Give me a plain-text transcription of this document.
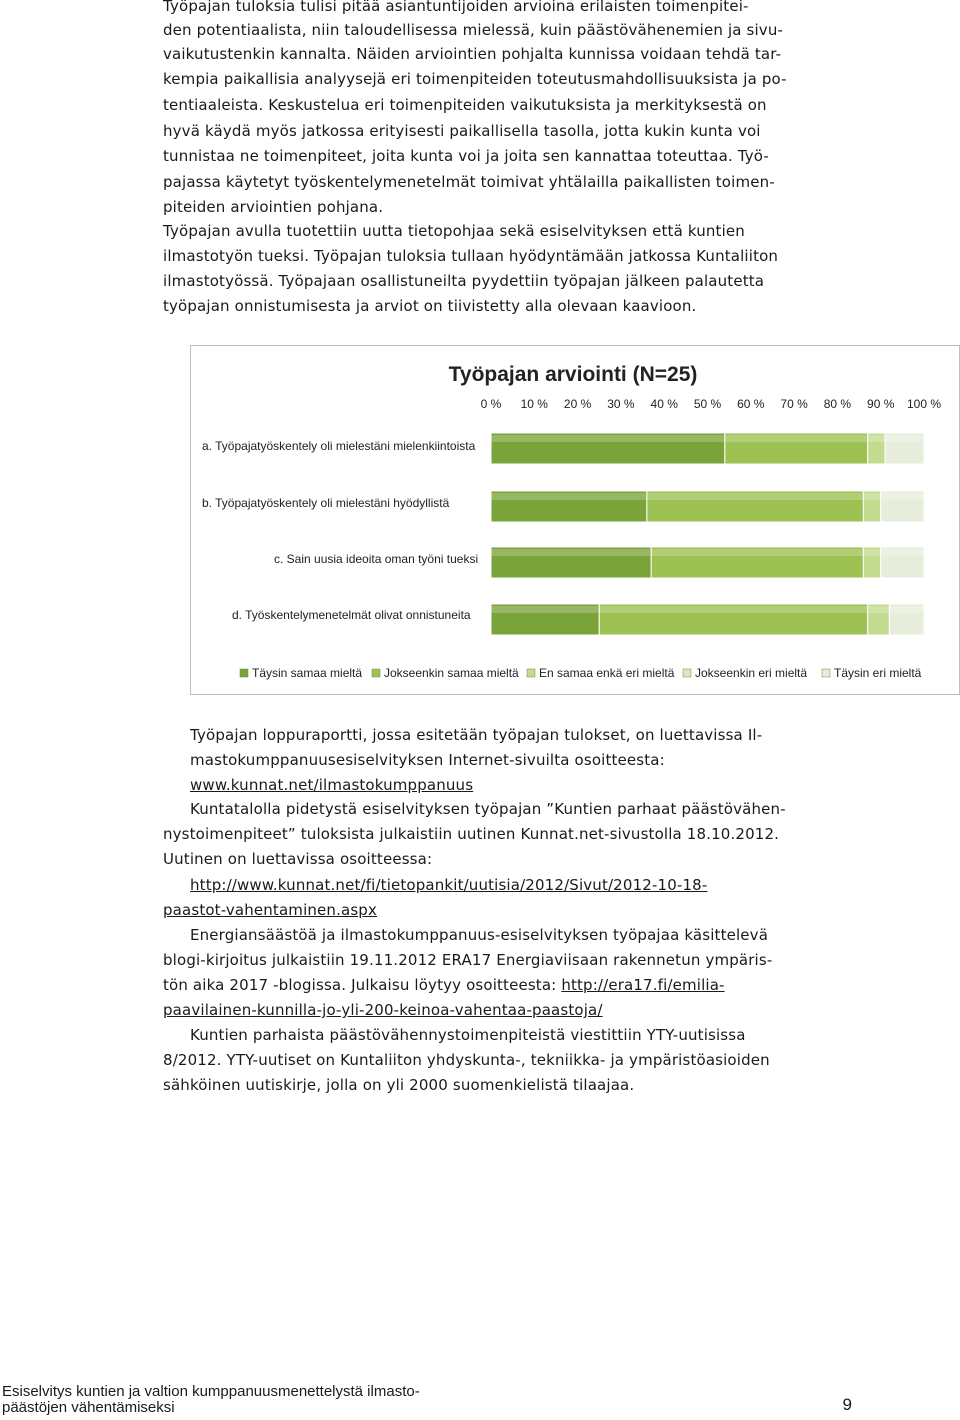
Työpajan tuloksia tulisi pitää asiantuntijoiden arvioina erilaisten toimenpitei-

den potentiaalista, niin taloudellisessa mielessä, kuin päästövähenemien ja sivu-

vaikutustenkin kannalta. Näiden arviointien pohjalta kunnissa voidaan tehdä tar-

kempia paikallisia analyysejä eri toimenpiteiden toteutusmahdollisuuksista ja po-

tentiaaleista. Keskustelua eri toimenpiteiden vaikutuksista ja merkityksestä on

hyvä käydä myös jatkossa erityisesti paikallisella tasolla, jotta kukin kunta voi

tunnistaa ne toimenpiteet, joita kunta voi ja joita sen kannattaa toteuttaa. Työ-

pajassa käytetyt työskentelymenetelmät toimivat yhtälailla paikallisten toimen-

piteiden arviointien pohjana.

Työpajan avulla tuotettiin uutta tietopohjaa sekä esiselvityksen että kuntien

ilmastotyön tueksi. Työpajan tuloksia tullaan hyödyntämään jatkossa Kuntaliiton

ilmastotyössä. Työpajaan osallistuneilta pyydettiin työpajan jälkeen palautetta

työpajan onnistumisesta ja arviot on tiivistetty alla olevaan kaavioon.

Työpajan arviointi (N=25)
0 % 10 % 20 % 30 % 40 % 50 % 60 % 70 % 80 % 90 % 100 %
a. Työpajatyöskentely oli mielestäni mielenkiintoista
b. Työpajatyöskentely oli mielestäni hyödyllistä
c. Sain uusia ideoita oman työni tueksi
d. Työskentelymenetelmät olivat onnistuneita
Täysin samaa mieltä Jokseenkin samaa mieltä En samaa enkä eri mieltä Jokseenkin eri mieltä Täysin eri mieltä

Työpajan loppuraportti, jossa esitetään työpajan tulokset, on luettavissa Il-

mastokumppanuusesiselvityksen Internet-sivuilta osoitteesta:

www.kunnat.net/ilmastokumppanuus

Kuntatalolla pidetystä esiselvityksen työpajan ”Kuntien parhaat päästövähen-

nystoimenpiteet” tuloksista julkaistiin uutinen Kunnat.net-sivustolla 18.10.2012.

Uutinen on luettavissa osoitteessa:

http://www.kunnat.net/fi/tietopankit/uutisia/2012/Sivut/2012-10-18-
paastot-vahentaminen.aspx

Energiansäästöä ja ilmastokumppanuus-esiselvityksen työpajaa käsittelevä

blogi-kirjoitus julkaistiin 19.11.2012 ERA17 Energiaviisaan rakennetun ympäris-

tön aika 2017 -blogissa. Julkaisu löytyy osoitteesta: http://era17.fi/emilia-

paavilainen-kunnilla-jo-yli-200-keinoa-vahentaa-paastoja/

Kuntien parhaista päästövähennystoimenpiteistä viestittiin YTY-uutisissa

8/2012. YTY-uutiset on Kuntaliiton yhdyskunta-, tekniikka- ja ympäristöasioiden

sähköinen uutiskirje, jolla on yli 2000 suomenkielistä tilaajaa.

Esiselvitys kuntien ja valtion kumppanuusmenettelystä ilmasto-
päästöjen vähentämiseksi	9
